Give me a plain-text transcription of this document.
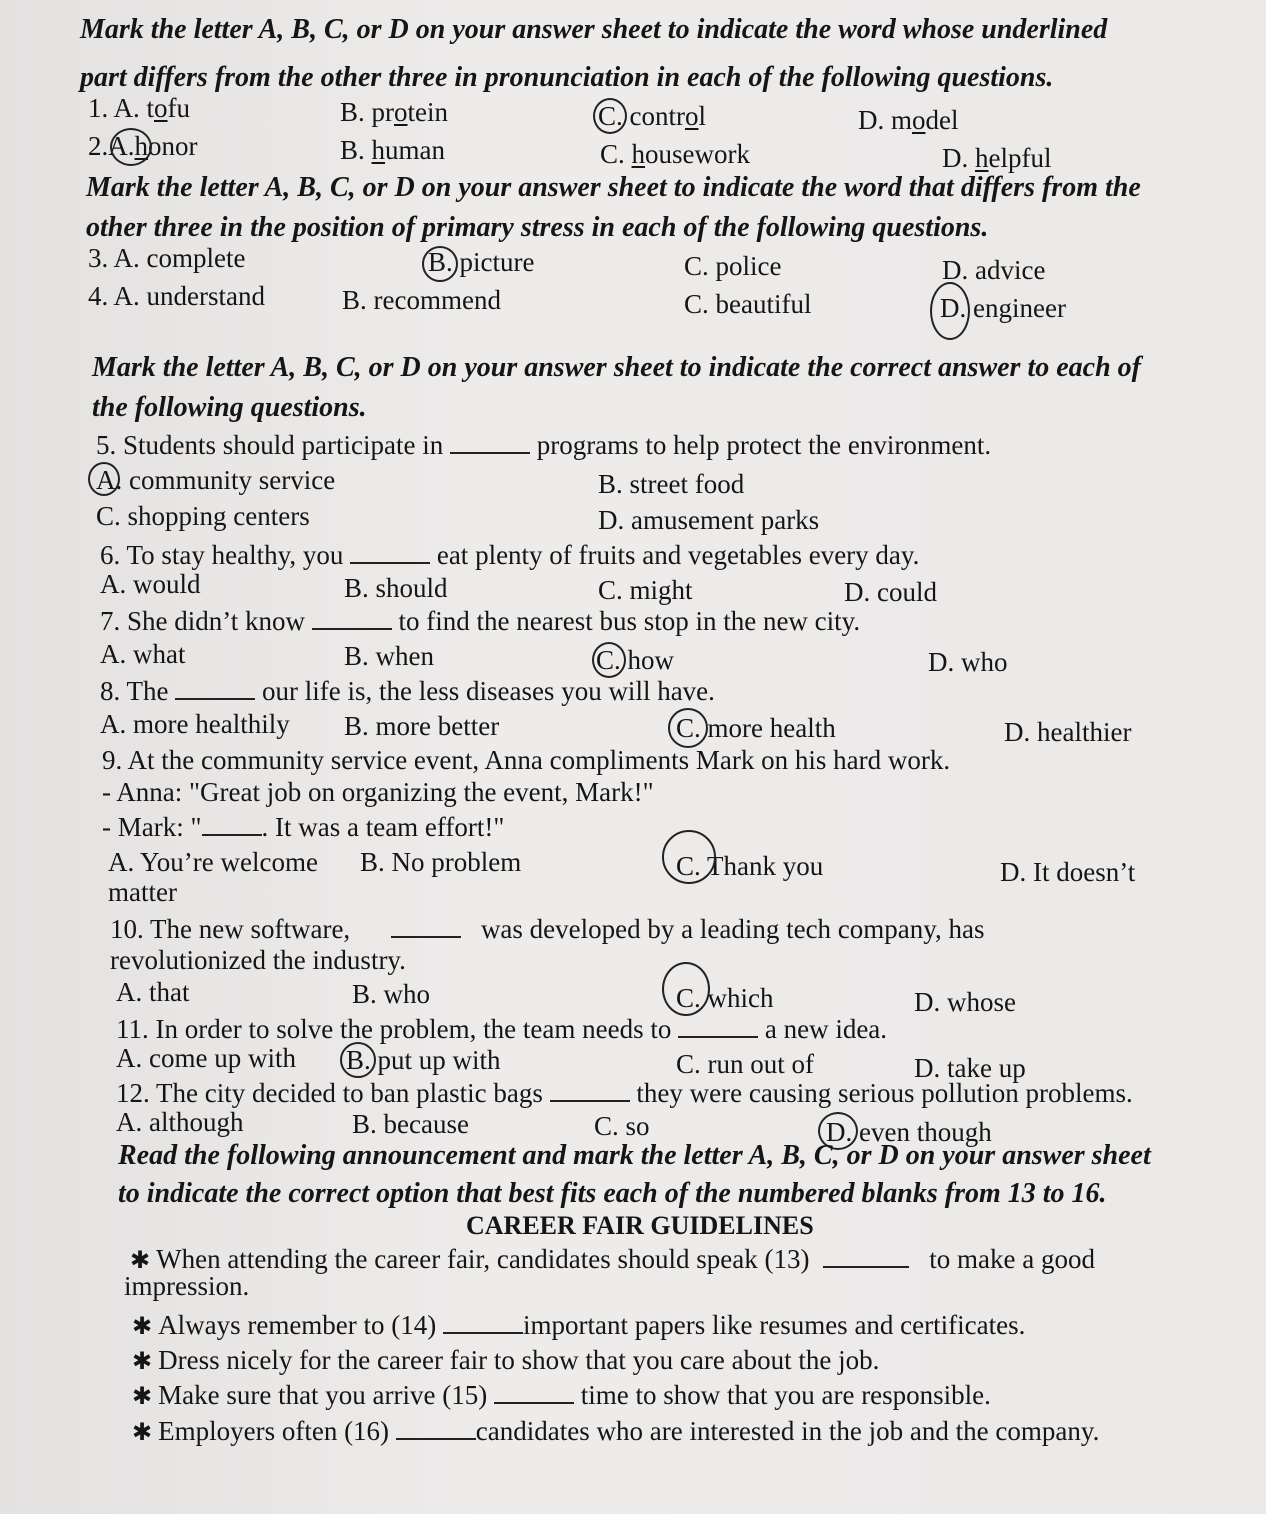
Mark the letter A, B, C, or D on your answer sheet to indicate the word whose underlined
part differs from the other three in pronunciation in each of the following questions.
1. A. tofu	B. protein	C. control	D. model
2.A.honor	B. human	C. housework	D. helpful
Mark the letter A, B, C, or D on your answer sheet to indicate the word that differs from the
other three in the position of primary stress in each of the following questions.
3. A. complete	B. picture	C. police	D. advice
4. A. understand	B. recommend	C. beautiful	D. engineer
Mark the letter A, B, C, or D on your answer sheet to indicate the correct answer to each of
the following questions.
5. Students should participate in	programs to help protect the environment.
A. community service	B. street food
C. shopping centers	D. amusement parks
6. To stay healthy, you	eat plenty of fruits and vegetables every day.
A. would	B. should	C. might	D. could
7. She didn’t know	to find the nearest bus stop in the new city.
A. what	B. when	C. how	D. who
8. The	our life is, the less diseases you will have.
A. more healthily B. more better	C. more health	D. healthier
9. At the community service event, Anna compliments Mark on his hard work.
- Anna: "Great job on organizing the event, Mark!"
- Mark: " . It was a team effort!"
A. You’re welcome B. No problem	C. Thank you	D. It doesn’t
matter
10. The new software,	was developed by a leading tech company, has
revolutionized the industry.
A. that	B. who	C. which	D. whose
11. In order to solve the problem, the team needs to	a new idea.
A. come up with B. put up with	C. run out of	D. take up
12. The city decided to ban plastic bags	they were causing serious pollution problems.
A. although	B. because	C. so	D. even though
Read the following announcement and mark the letter A, B, C, or D on your answer sheet
to indicate the correct option that best fits each of the numbered blanks from 13 to 16.
CAREER FAIR GUIDELINES
✱ When attending the career fair, candidates should speak (13)	to make a good
impression.
✱ Always remember to (14)	important papers like resumes and certificates.
✱ Dress nicely for the career fair to show that you care about the job.
✱ Make sure that you arrive (15)	time to show that you are responsible.
✱ Employers often (16)	candidates who are interested in the job and the company.
